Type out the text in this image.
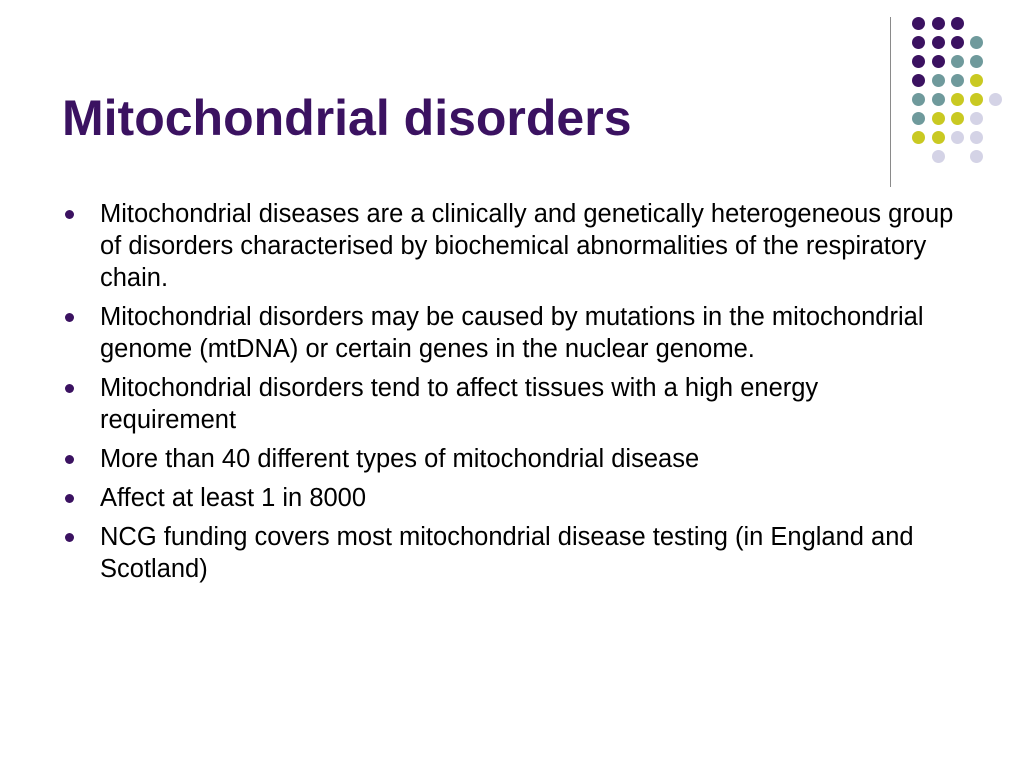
Mitochondrial disorders
Mitochondrial diseases are a clinically and genetically heterogeneous group of disorders characterised by biochemical abnormalities of the respiratory chain.
Mitochondrial disorders may be caused by mutations in the mitochondrial genome (mtDNA) or certain genes in the nuclear genome.
Mitochondrial disorders tend to affect tissues with a high energy requirement
More than 40 different types of mitochondrial disease
Affect at least 1 in 8000
NCG funding covers most mitochondrial disease testing (in England and Scotland)
